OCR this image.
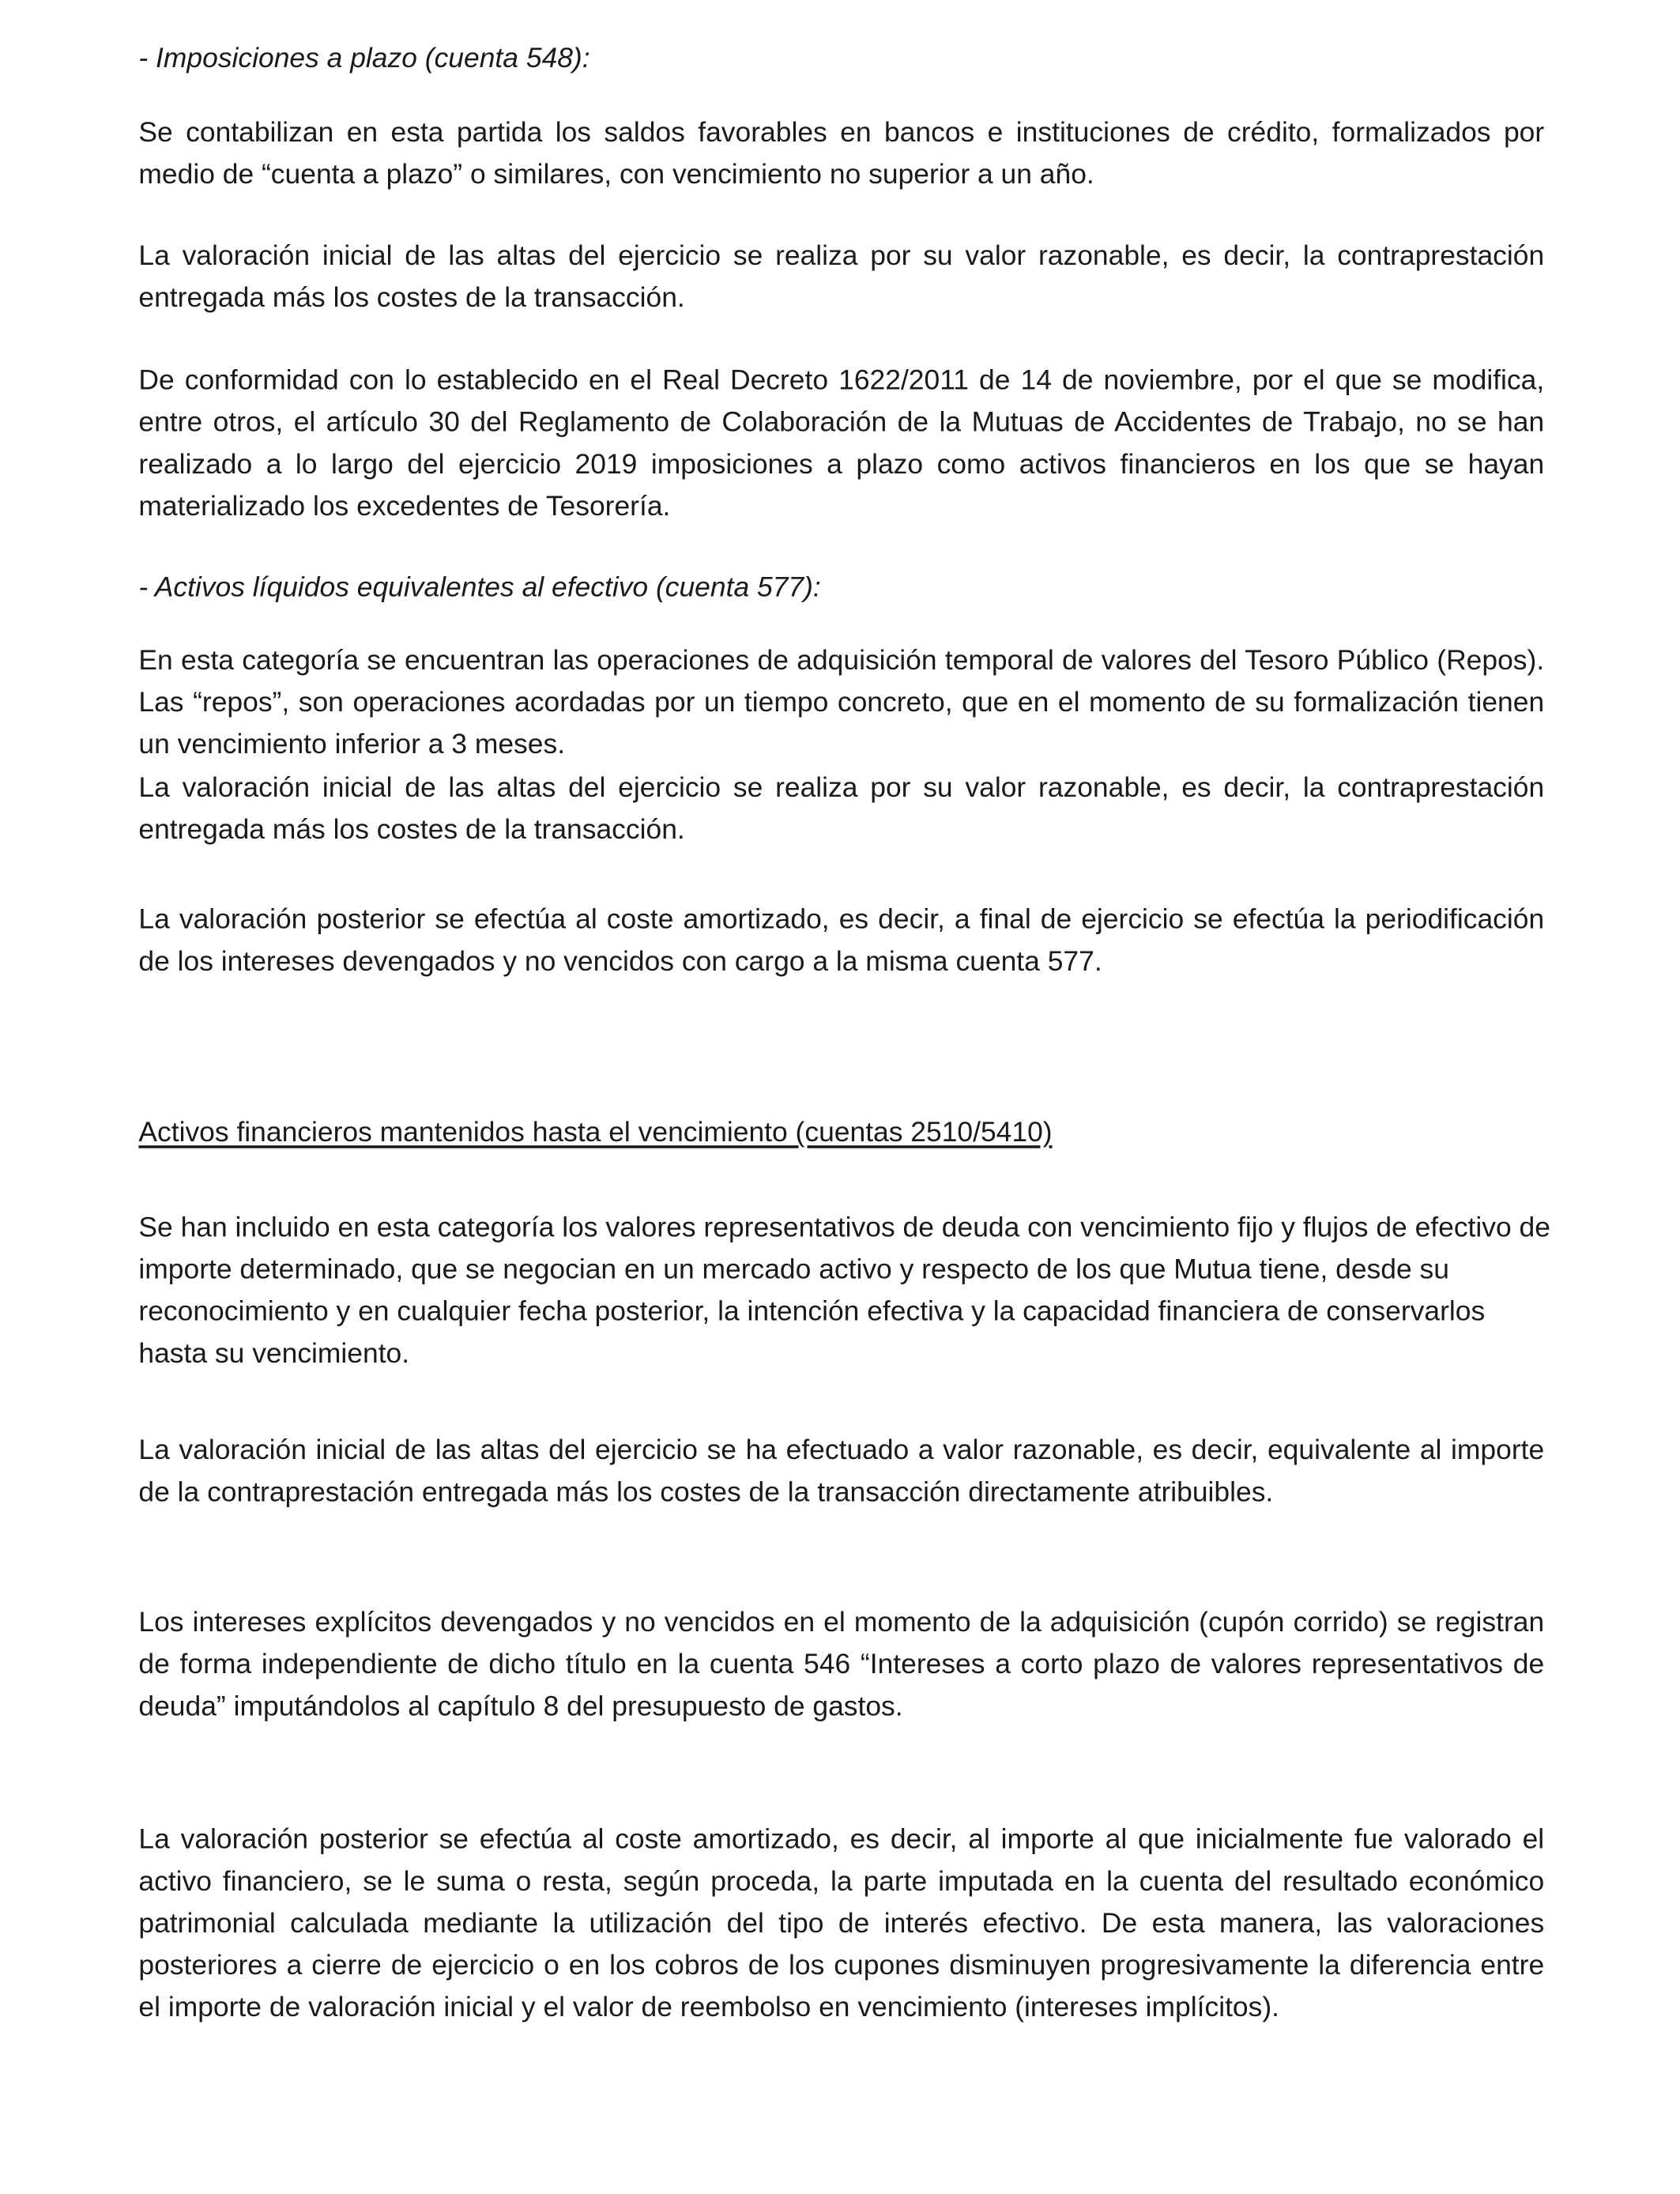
- Imposiciones a plazo (cuenta 548):

Se contabilizan en esta partida los saldos favorables en bancos e instituciones de crédito, formalizados por medio de “cuenta a plazo” o similares, con vencimiento no superior a un año.

La valoración inicial de las altas del ejercicio se realiza por su valor razonable, es decir, la contraprestación entregada más los costes de la transacción.

De conformidad con lo establecido en el Real Decreto 1622/2011 de 14 de noviembre, por el que se modifica, entre otros, el artículo 30 del Reglamento de Colaboración de la Mutuas de Accidentes de Trabajo, no se han realizado a lo largo del ejercicio 2019 imposiciones a plazo como activos financieros en los que se hayan materializado los excedentes de Tesorería.

- Activos líquidos equivalentes al efectivo (cuenta 577):

En esta categoría se encuentran las operaciones de adquisición temporal de valores del Tesoro Público (Repos). Las “repos”, son operaciones acordadas por un tiempo concreto, que en el momento de su formalización tienen un vencimiento inferior a 3 meses.

La valoración inicial de las altas del ejercicio se realiza por su valor razonable, es decir, la contraprestación entregada más los costes de la transacción.

La valoración posterior se efectúa al coste amortizado, es decir, a final de ejercicio se efectúa la periodificación de los intereses devengados y no vencidos con cargo a la misma cuenta 577.

Activos financieros mantenidos hasta el vencimiento (cuentas 2510/5410)

Se han incluido en esta categoría los valores representativos de deuda con vencimiento fijo y flujos de efectivo de importe determinado, que se negocian en un mercado activo y respecto de los que Mutua tiene, desde su reconocimiento y en cualquier fecha posterior, la intención efectiva y la capacidad financiera de conservarlos hasta su vencimiento.

La valoración inicial de las altas del ejercicio se ha efectuado a valor razonable, es decir, equivalente al importe de la contraprestación entregada más los costes de la transacción directamente atribuibles.

Los intereses explícitos devengados y no vencidos en el momento de la adquisición (cupón corrido) se registran de forma independiente de dicho título en la cuenta 546 “Intereses a corto plazo de valores representativos de deuda” imputándolos al capítulo 8 del presupuesto de gastos.

La valoración posterior se efectúa al coste amortizado, es decir, al importe al que inicialmente fue valorado el activo financiero, se le suma o resta, según proceda, la parte imputada en la cuenta del resultado económico patrimonial calculada mediante la utilización del tipo de interés efectivo. De esta manera, las valoraciones posteriores a cierre de ejercicio o en los cobros de los cupones disminuyen progresivamente la diferencia entre el importe de valoración inicial y el valor de reembolso en vencimiento (intereses implícitos).
